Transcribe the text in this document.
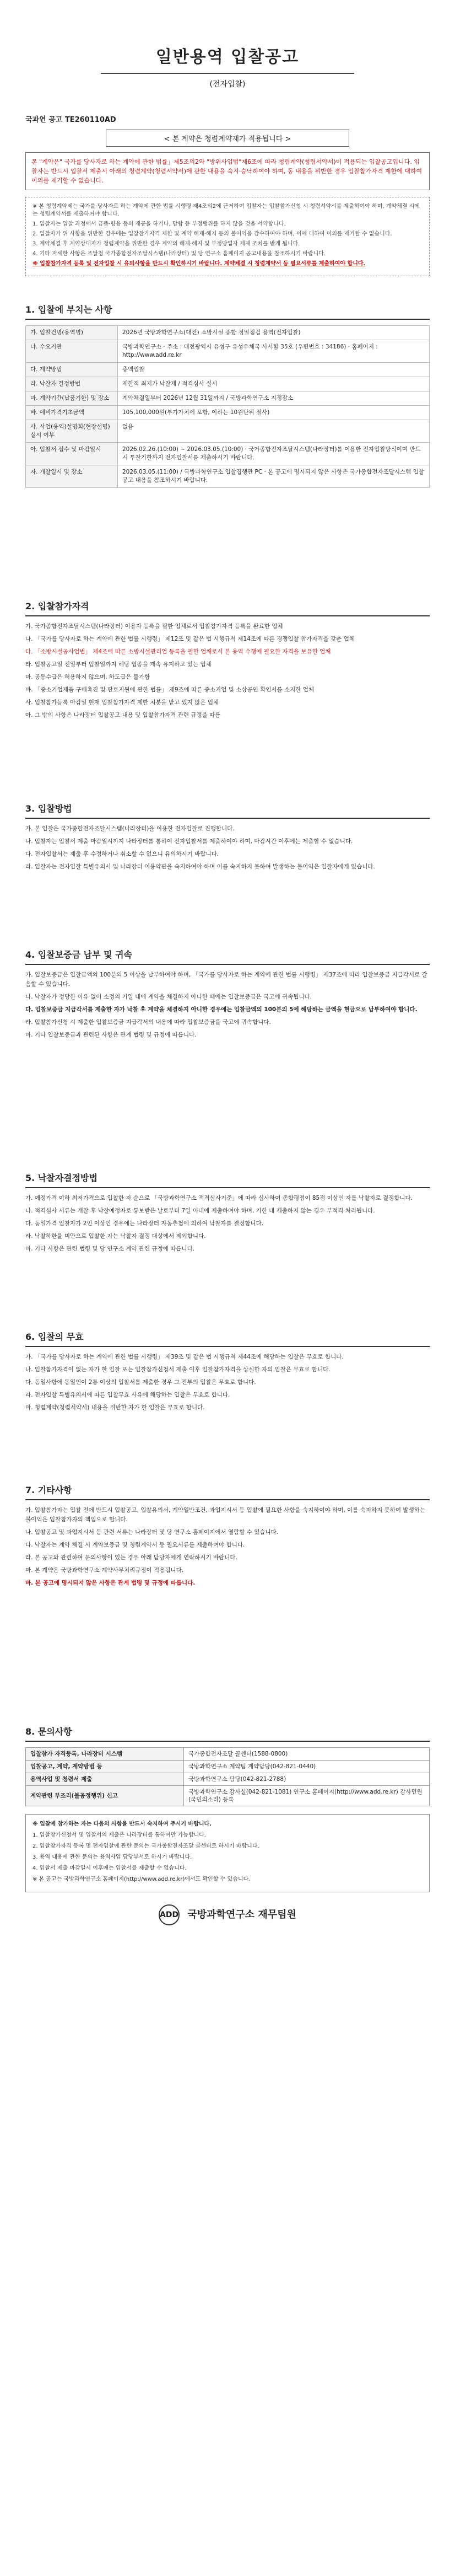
일반용역 입찰공고
(전자입찰)
국과연 공고 TE260110AD
< 본 계약은 청렴계약제가 적용됩니다 >
본 "계약은" 국가를 당사자로 하는 계약에 관한 법률」제5조의2와 "방위사업법"제6조에 따라 청렴계약(청렴서약서)이 적용되는 입찰공고입니다. 입찰자는 반드시 입찰서 제출시 아래의 청렴계약(청렴서약서)에 관한 내용을 숙지·승낙하여야 하며, 동 내용을 위반한 경우 입찰참가자격 제한에 대하여 이의를 제기할 수 없습니다.

※ 본 청렴계약제는 국가를 당사자로 하는 계약에 관한 법률 시행령 제4조의2에 근거하여 입찰자는 입찰참가신청 시 청렴서약서를 제출하여야 하며, 계약체결 시에는 청렴계약서를 제출하여야 합니다.

1. 입찰자는 입찰 과정에서 금품·향응 등의 제공을 하거나, 담합 등 부정행위를 하지 않을 것을 서약합니다.

2. 입찰자가 위 사항을 위반한 경우에는 입찰참가자격 제한 및 계약 해제·해지 등의 불이익을 감수하여야 하며, 이에 대하여 이의를 제기할 수 없습니다.

3. 계약체결 후 계약상대자가 청렴계약을 위반한 경우 계약의 해제·해지 및 부정당업자 제재 조치를 받게 됩니다.

4. 기타 자세한 사항은 조달청 국가종합전자조달시스템(나라장터) 및 당 연구소 홈페이지 공고내용을 참조하시기 바랍니다.

※ 입찰참가자격 등록 및 전자입찰 시 유의사항을 반드시 확인하시기 바랍니다. 계약체결 시 청렴계약서 등 필요서류를 제출하여야 합니다.

1. 입찰에 부치는 사항
가. 입찰건명(용역명)	2026년 국방과학연구소(대전) 소방시설 종합 정밀점검 용역(전자입찰)
나. 수요기관	국방과학연구소 · 주소 : 대전광역시 유성구 유성우체국 사서함 35호 (우편번호 : 34186) · 홈페이지 : http://www.add.re.kr
다. 계약방법	총액입찰
라. 낙찰자 결정방법	제한적 최저가 낙찰제 / 적격심사 실시
마. 계약기간(납품기한) 및 장소	계약체결일부터 2026년 12월 31일까지 / 국방과학연구소 지정장소
바. 예비가격기초금액	105,100,000원(부가가치세 포함, 이하는 10원단위 절사)
사. 사업(용역)설명회(현장설명) 실시 여부	없음
아. 입찰서 접수 및 마감일시	2026.02.26.(10:00) ~ 2026.03.05.(10:00) · 국가종합전자조달시스템(나라장터)를 이용한 전자입찰방식이며 반드시 투찰기한까지 전자입찰서를 제출하시기 바랍니다.
자. 개찰일시 및 장소	2026.03.05.(11:00) / 국방과학연구소 입찰집행관 PC · 본 공고에 명시되지 않은 사항은 국가종합전자조달시스템 입찰공고 내용을 참조하시기 바랍니다.
2. 입찰참가자격

가. 국가종합전자조달시스템(나라장터) 이용자 등록을 필한 업체로서 입찰참가자격 등록을 완료한 업체

나. 「국가를 당사자로 하는 계약에 관한 법률 시행령」 제12조 및 같은 법 시행규칙 제14조에 따른 경쟁입찰 참가자격을 갖춘 업체

다. 「소방시설공사업법」 제4조에 따른 소방시설관리업 등록을 필한 업체로서 본 용역 수행에 필요한 자격을 보유한 업체

라. 입찰공고일 전일부터 입찰일까지 해당 업종을 계속 유지하고 있는 업체

마. 공동수급은 허용하지 않으며, 하도급은 불가함

바. 「중소기업제품 구매촉진 및 판로지원에 관한 법률」 제9조에 따른 중소기업 및 소상공인 확인서를 소지한 업체

사. 입찰참가등록 마감일 현재 입찰참가자격 제한 처분을 받고 있지 않은 업체

아. 그 밖의 사항은 나라장터 입찰공고 내용 및 입찰참가자격 관련 규정을 따름

3. 입찰방법

가. 본 입찰은 국가종합전자조달시스템(나라장터)을 이용한 전자입찰로 진행합니다.

나. 입찰자는 입찰서 제출 마감일시까지 나라장터를 통하여 전자입찰서를 제출하여야 하며, 마감시간 이후에는 제출할 수 없습니다.

다. 전자입찰서는 제출 후 수정하거나 취소할 수 없으니 유의하시기 바랍니다.

라. 입찰자는 전자입찰 특별유의서 및 나라장터 이용약관을 숙지하여야 하며 이를 숙지하지 못하여 발생하는 불이익은 입찰자에게 있습니다.

4. 입찰보증금 납부 및 귀속

가. 입찰보증금은 입찰금액의 100분의 5 이상을 납부하여야 하며, 「국가를 당사자로 하는 계약에 관한 법률 시행령」 제37조에 따라 입찰보증금 지급각서로 갈음할 수 있습니다.

나. 낙찰자가 정당한 이유 없이 소정의 기일 내에 계약을 체결하지 아니한 때에는 입찰보증금은 국고에 귀속됩니다.

다. 입찰보증금 지급각서를 제출한 자가 낙찰 후 계약을 체결하지 아니한 경우에는 입찰금액의 100분의 5에 해당하는 금액을 현금으로 납부하여야 합니다.

라. 입찰참가신청 시 제출한 입찰보증금 지급각서의 내용에 따라 입찰보증금을 국고에 귀속합니다.

마. 기타 입찰보증금과 관련된 사항은 관계 법령 및 규정에 따릅니다.

5. 낙찰자결정방법

가. 예정가격 이하 최저가격으로 입찰한 자 순으로 「국방과학연구소 적격심사기준」에 따라 심사하여 종합평점이 85점 이상인 자를 낙찰자로 결정합니다.

나. 적격심사 서류는 개찰 후 낙찰예정자로 통보받은 날로부터 7일 이내에 제출하여야 하며, 기한 내 제출하지 않는 경우 부적격 처리됩니다.

다. 동일가격 입찰자가 2인 이상인 경우에는 나라장터 자동추첨에 의하여 낙찰자를 결정합니다.

라. 낙찰하한율 미만으로 입찰한 자는 낙찰자 결정 대상에서 제외합니다.

마. 기타 사항은 관련 법령 및 당 연구소 계약 관련 규정에 따릅니다.

6. 입찰의 무효

가. 「국가를 당사자로 하는 계약에 관한 법률 시행령」 제39조 및 같은 법 시행규칙 제44조에 해당하는 입찰은 무효로 합니다.

나. 입찰참가자격이 없는 자가 한 입찰 또는 입찰참가신청서 제출 이후 입찰참가자격을 상실한 자의 입찰은 무효로 합니다.

다. 동일사항에 동일인이 2통 이상의 입찰서를 제출한 경우 그 전부의 입찰은 무효로 합니다.

라. 전자입찰 특별유의서에 따른 입찰무효 사유에 해당하는 입찰은 무효로 합니다.

마. 청렴계약(청렴서약서) 내용을 위반한 자가 한 입찰은 무효로 합니다.

7. 기타사항

가. 입찰참가자는 입찰 전에 반드시 입찰공고, 입찰유의서, 계약일반조건, 과업지시서 등 입찰에 필요한 사항을 숙지하여야 하며, 이를 숙지하지 못하여 발생하는 불이익은 입찰참가자의 책임으로 합니다.

나. 입찰공고 및 과업지시서 등 관련 서류는 나라장터 및 당 연구소 홈페이지에서 열람할 수 있습니다.

다. 낙찰자는 계약 체결 시 계약보증금 및 청렴계약서 등 필요서류를 제출하여야 합니다.

라. 본 공고와 관련하여 문의사항이 있는 경우 아래 담당자에게 연락하시기 바랍니다.

마. 본 계약은 국방과학연구소 계약사무처리규정이 적용됩니다.

바. 본 공고에 명시되지 않은 사항은 관계 법령 및 규정에 따릅니다.

8. 문의사항
입찰참가 자격등록, 나라장터 시스템	국가종합전자조달 콜센터(1588-0800)
입찰공고, 계약, 계약방법 등	국방과학연구소 계약팀 계약담당(042-821-0440)
용역사업 및 청렴서 제출	국방과학연구소 담당(042-821-2788)
계약관련 부조리(불공정행위) 신고	국방과학연구소 감사실(042-821-1081) 연구소 홈페이지(http://www.add.re.kr) 감사민원(국민의소리) 등록

※ 입찰에 참가하는 자는 다음의 사항을 반드시 숙지하여 주시기 바랍니다.

1. 입찰참가신청서 및 입찰서의 제출은 나라장터를 통하여만 가능합니다.

2. 입찰참가자격 등록 및 전자입찰에 관한 문의는 국가종합전자조달 콜센터로 하시기 바랍니다.

3. 용역 내용에 관한 문의는 용역사업 담당부서로 하시기 바랍니다.

4. 입찰서 제출 마감일시 이후에는 입찰서를 제출할 수 없습니다.

※ 본 공고는 국방과학연구소 홈페이지(http://www.add.re.kr)에서도 확인할 수 있습니다.

ADD 국방과학연구소 재무팀원
